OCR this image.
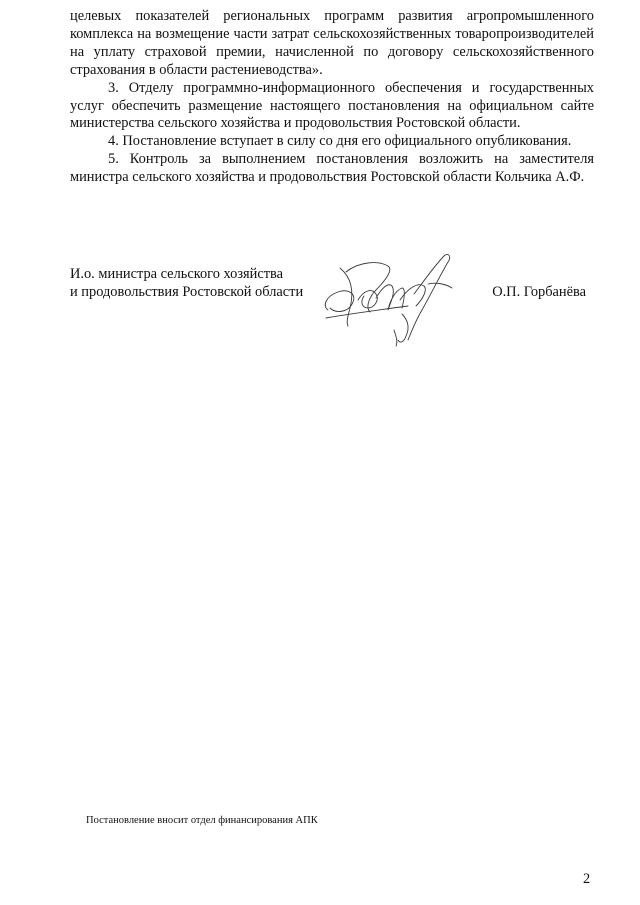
целевых показателей региональных программ развития агропромышленного комплекса на возмещение части затрат сельскохозяйственных товаропроизводителей на уплату страховой премии, начисленной по договору сельскохозяйственного страхования в области растениеводства».

3. Отделу программно-информационного обеспечения и государственных услуг обеспечить размещение настоящего постановления на официальном сайте министерства сельского хозяйства и продовольствия Ростовской области.

4. Постановление вступает в силу со дня его официального опубликования.

5. Контроль за выполнением постановления возложить на заместителя министра сельского хозяйства и продовольствия Ростовской области Кольчика А.Ф.

И.о. министра сельского хозяйства
и продовольствия Ростовской области	О.П. Горбанёва
Постановление вносит отдел финансирования АПК
2
